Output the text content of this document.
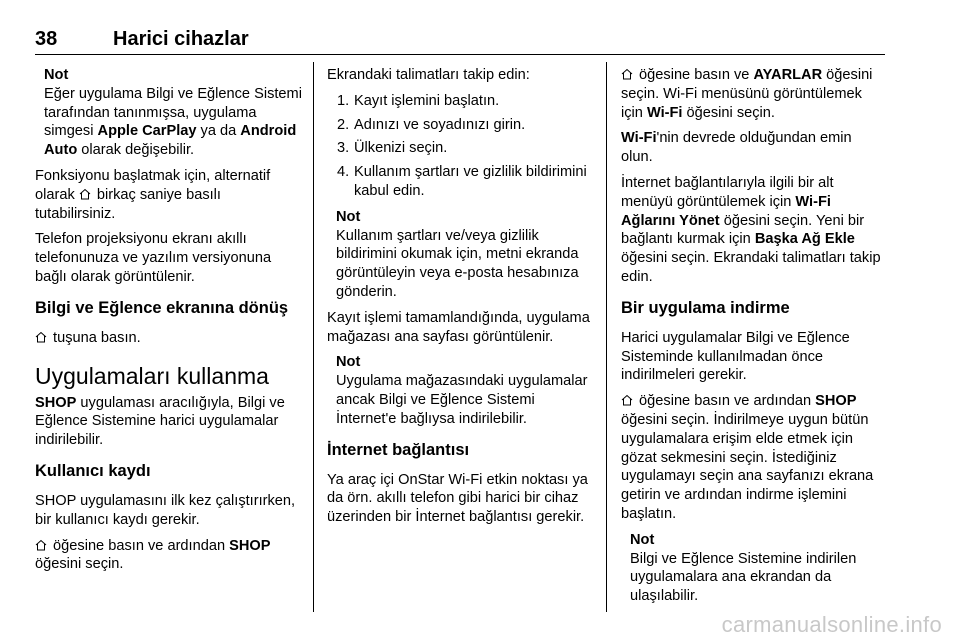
38	Harici cihazlar
Not
Eğer uygulama Bilgi ve Eğlence Sistemi tarafından tanınmışsa, uygulama simgesi Apple CarPlay ya da Android Auto olarak değişebilir.

Fonksiyonu başlatmak için, alternatif olarak  birkaç saniye basılı tutabilirsiniz.

Telefon projeksiyonu ekranı akıllı telefonunuza ve yazılım versiyonuna bağlı olarak görüntülenir.

Bilgi ve Eğlence ekranına dönüş

tuşuna basın.

Uygulamaları kullanma

SHOP uygulaması aracılığıyla, Bilgi ve Eğlence Sistemine harici uygulamalar indirilebilir.

Kullanıcı kaydı

SHOP uygulamasını ilk kez çalıştırırken, bir kullanıcı kaydı gerekir.

öğesine basın ve ardından SHOP öğesini seçin.

Ekrandaki talimatları takip edin:

1. Kayıt işlemini başlatın.
2. Adınızı ve soyadınızı girin.
3. Ülkenizi seçin.
4. Kullanım şartları ve gizlilik bildirimini kabul edin.
Not
Kullanım şartları ve/veya gizlilik bildirimini okumak için, metni ekranda görüntüleyin veya e-posta hesabınıza gönderin.

Kayıt işlemi tamamlandığında, uygulama mağazası ana sayfası görüntülenir.

Not
Uygulama mağazasındaki uygulamalar ancak Bilgi ve Eğlence Sistemi İnternet'e bağlıysa indirilebilir.
İnternet bağlantısı

Ya araç içi OnStar Wi-Fi etkin noktası ya da örn. akıllı telefon gibi harici bir cihaz üzerinden bir İnternet bağlantısı gerekir.

öğesine basın ve AYARLAR öğesini seçin. Wi-Fi menüsünü görüntülemek için Wi-Fi öğesini seçin.

Wi-Fi'nin devrede olduğundan emin olun.

İnternet bağlantılarıyla ilgili bir alt menüyü görüntülemek için Wi-Fi Ağlarını Yönet öğesini seçin. Yeni bir bağlantı kurmak için Başka Ağ Ekle öğesini seçin. Ekrandaki talimatları takip edin.

Bir uygulama indirme

Harici uygulamalar Bilgi ve Eğlence Sisteminde kullanılmadan önce indirilmeleri gerekir.

öğesine basın ve ardından SHOP öğesini seçin. İndirilmeye uygun bütün uygulamalara erişim elde etmek için gözat sekmesini seçin. İstediğiniz uygulamayı seçin ana sayfanızı ekrana getirin ve ardından indirme işlemini başlatın.

Not
Bilgi ve Eğlence Sistemine indirilen uygulamalara ana ekrandan da ulaşılabilir.
carmanualsonline.info
